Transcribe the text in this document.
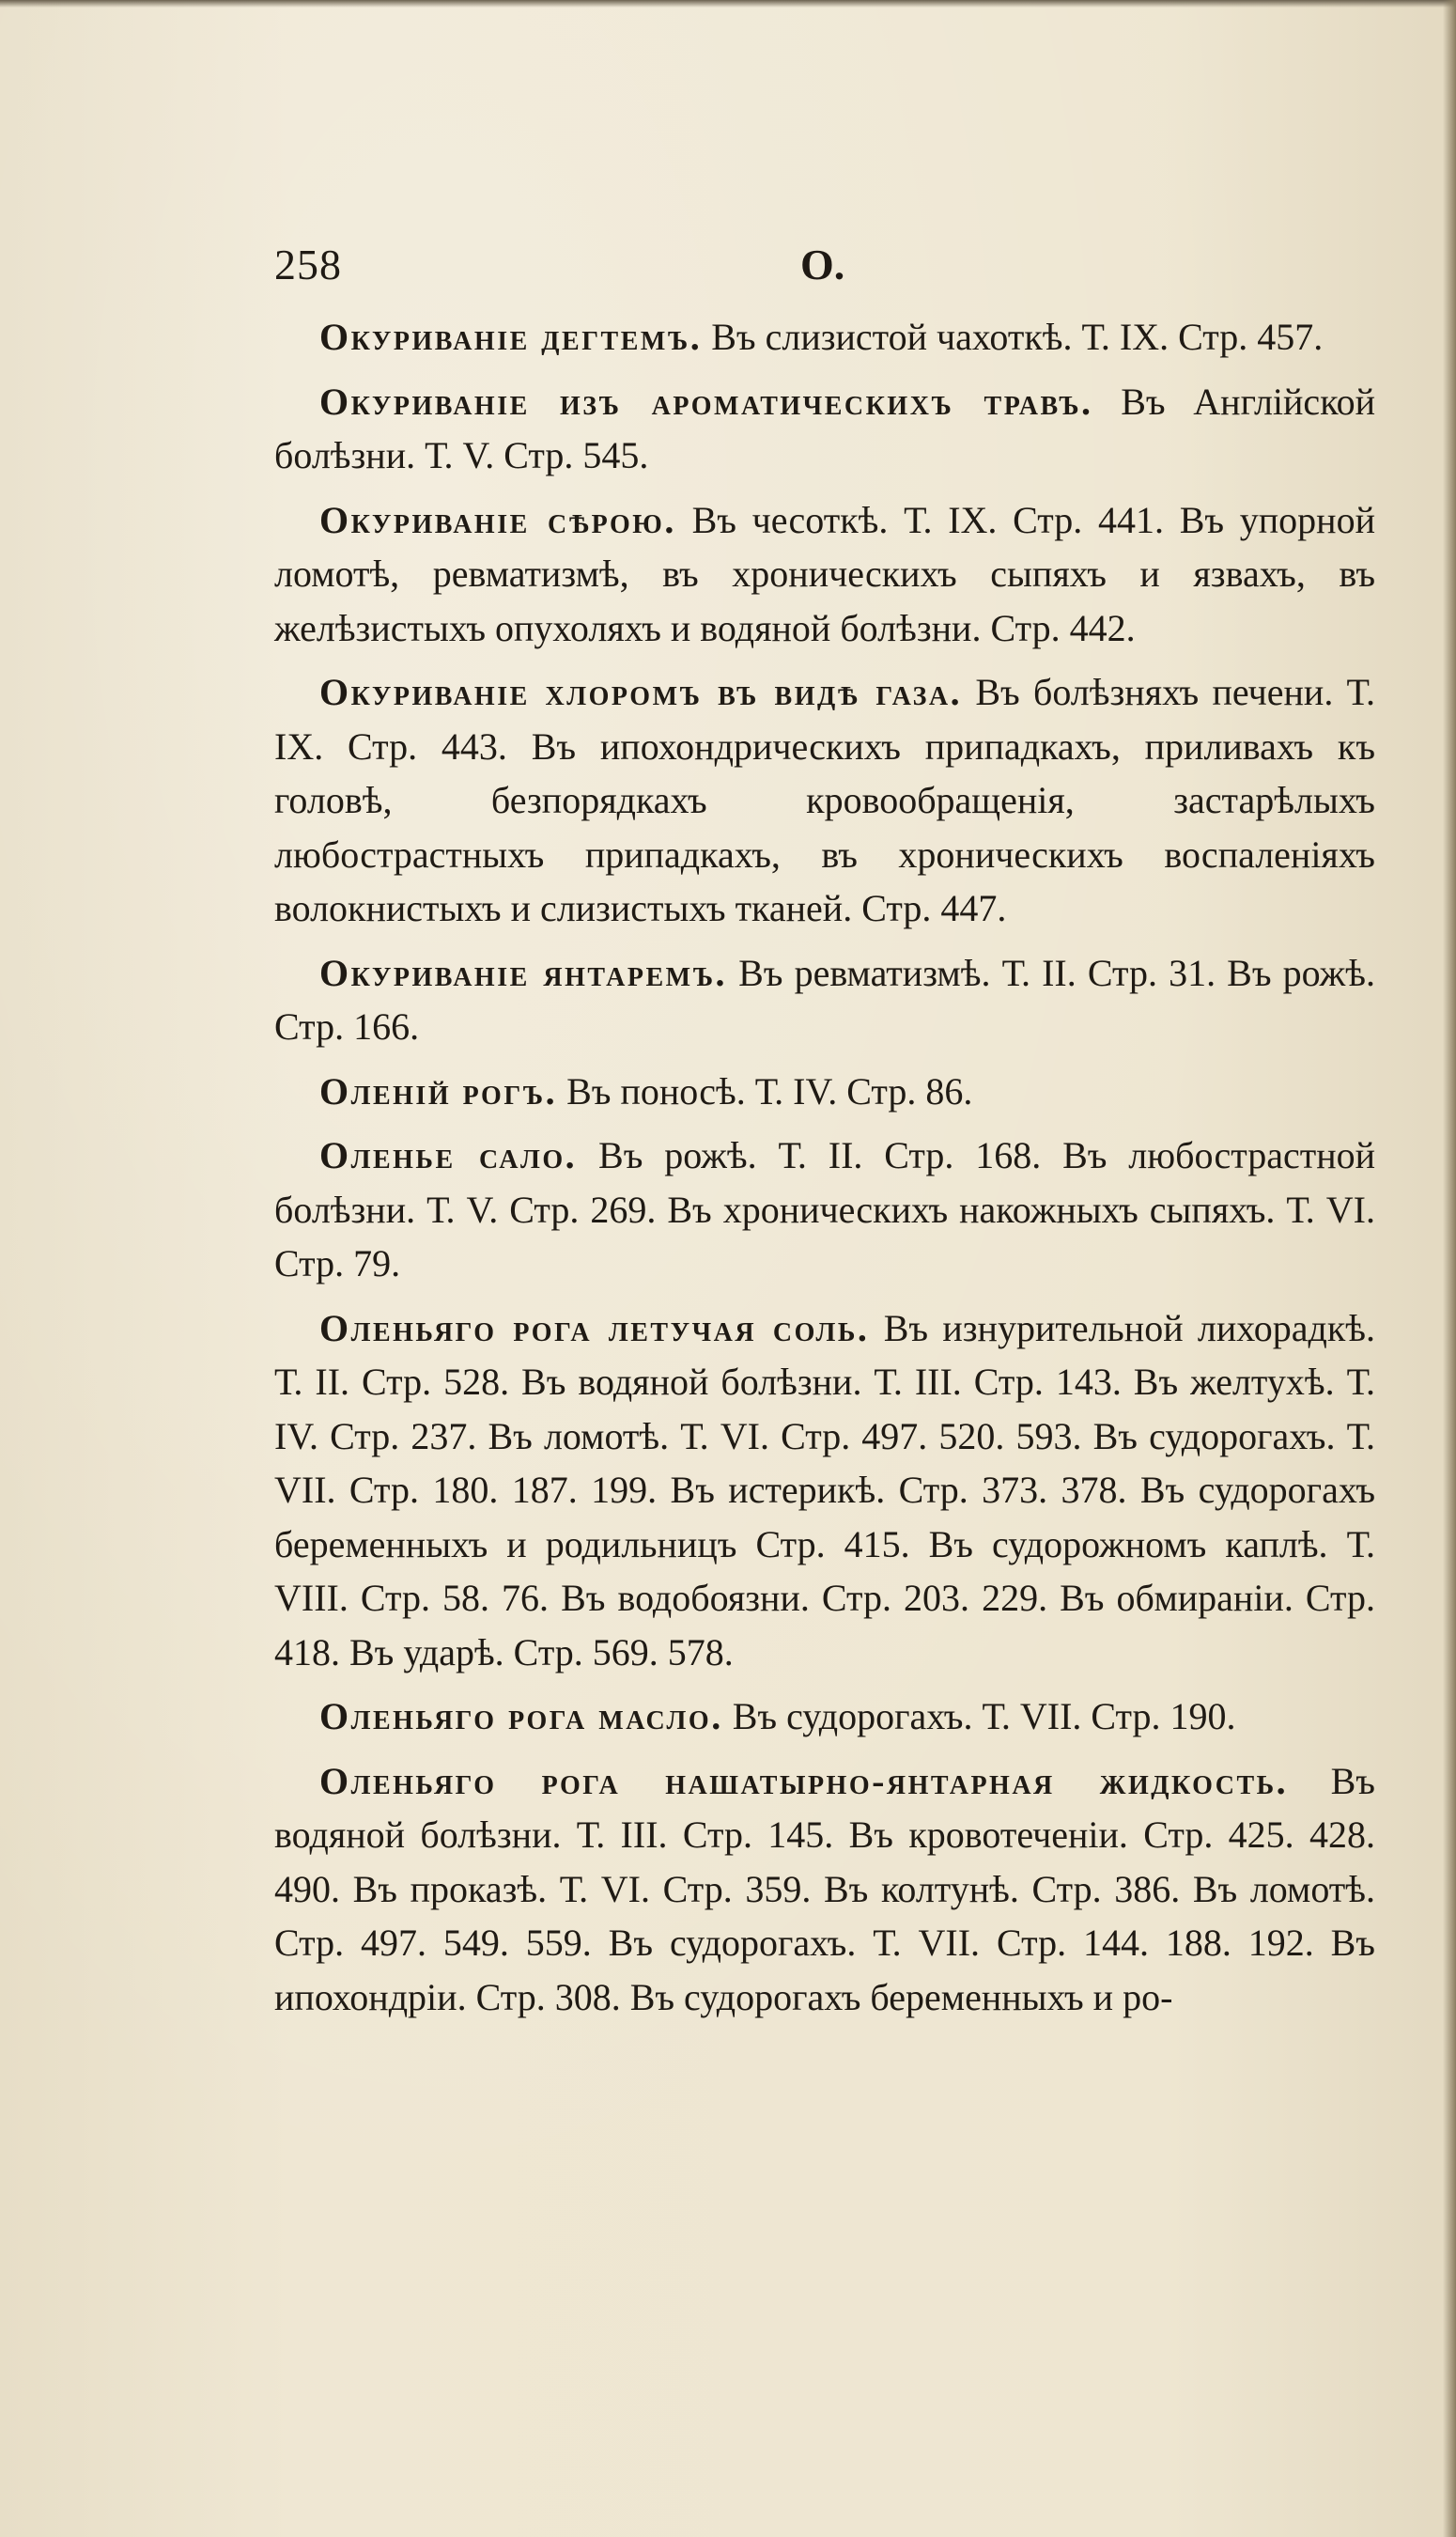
258	О.

Окуриваніе дегтемъ. Въ слизистой чахоткѣ. Т. IX. Стр. 457.

Окуриваніе изъ ароматическихъ травъ. Въ Англійской болѣзни. Т. V. Стр. 545.

Окуриваніе сѣрою. Въ чесоткѣ. Т. IX. Стр. 441. Въ упорной ломотѣ, ревматизмѣ, въ хроническихъ сыпяхъ и язвахъ, въ желѣзистыхъ опухоляхъ и водяной болѣзни. Стр. 442.

Окуриваніе хлоромъ въ видѣ газа. Въ болѣзняхъ печени. Т. IX. Стр. 443. Въ ипохондрическихъ припадкахъ, приливахъ къ головѣ, безпорядкахъ кровообращенія, застарѣлыхъ любострастныхъ припадкахъ, въ хроническихъ воспаленіяхъ волокнистыхъ и слизистыхъ тканей. Стр. 447.

Окуриваніе янтаремъ. Въ ревматизмѣ. Т. II. Стр. 31. Въ рожѣ. Стр. 166.

Оленій рогъ. Въ поносѣ. Т. IV. Стр. 86.

Оленье сало. Въ рожѣ. Т. II. Стр. 168. Въ любострастной болѣзни. Т. V. Стр. 269. Въ хроническихъ накожныхъ сыпяхъ. Т. VI. Стр. 79.

Оленьяго рога летучая соль. Въ изнурительной лихорадкѣ. Т. II. Стр. 528. Въ водяной болѣзни. Т. III. Стр. 143. Въ желтухѣ. Т. IV. Стр. 237. Въ ломотѣ. Т. VI. Стр. 497. 520. 593. Въ судорогахъ. Т. VII. Стр. 180. 187. 199. Въ истерикѣ. Стр. 373. 378. Въ судорогахъ беременныхъ и родильницъ Стр. 415. Въ судорожномъ каплѣ. Т. VIII. Стр. 58. 76. Въ водобоязни. Стр. 203. 229. Въ обмираніи. Стр. 418. Въ ударѣ. Стр. 569. 578.

Оленьяго рога масло. Въ судорогахъ. Т. VII. Стр. 190.

Оленьяго рога нашатырно-янтарная жидкость. Въ водяной болѣзни. Т. III. Стр. 145. Въ кровотеченіи. Стр. 425. 428. 490. Въ проказѣ. Т. VI. Стр. 359. Въ колтунѣ. Стр. 386. Въ ломотѣ. Стр. 497. 549. 559. Въ судорогахъ. Т. VII. Стр. 144. 188. 192. Въ ипохондріи. Стр. 308. Въ судорогахъ беременныхъ и ро-
